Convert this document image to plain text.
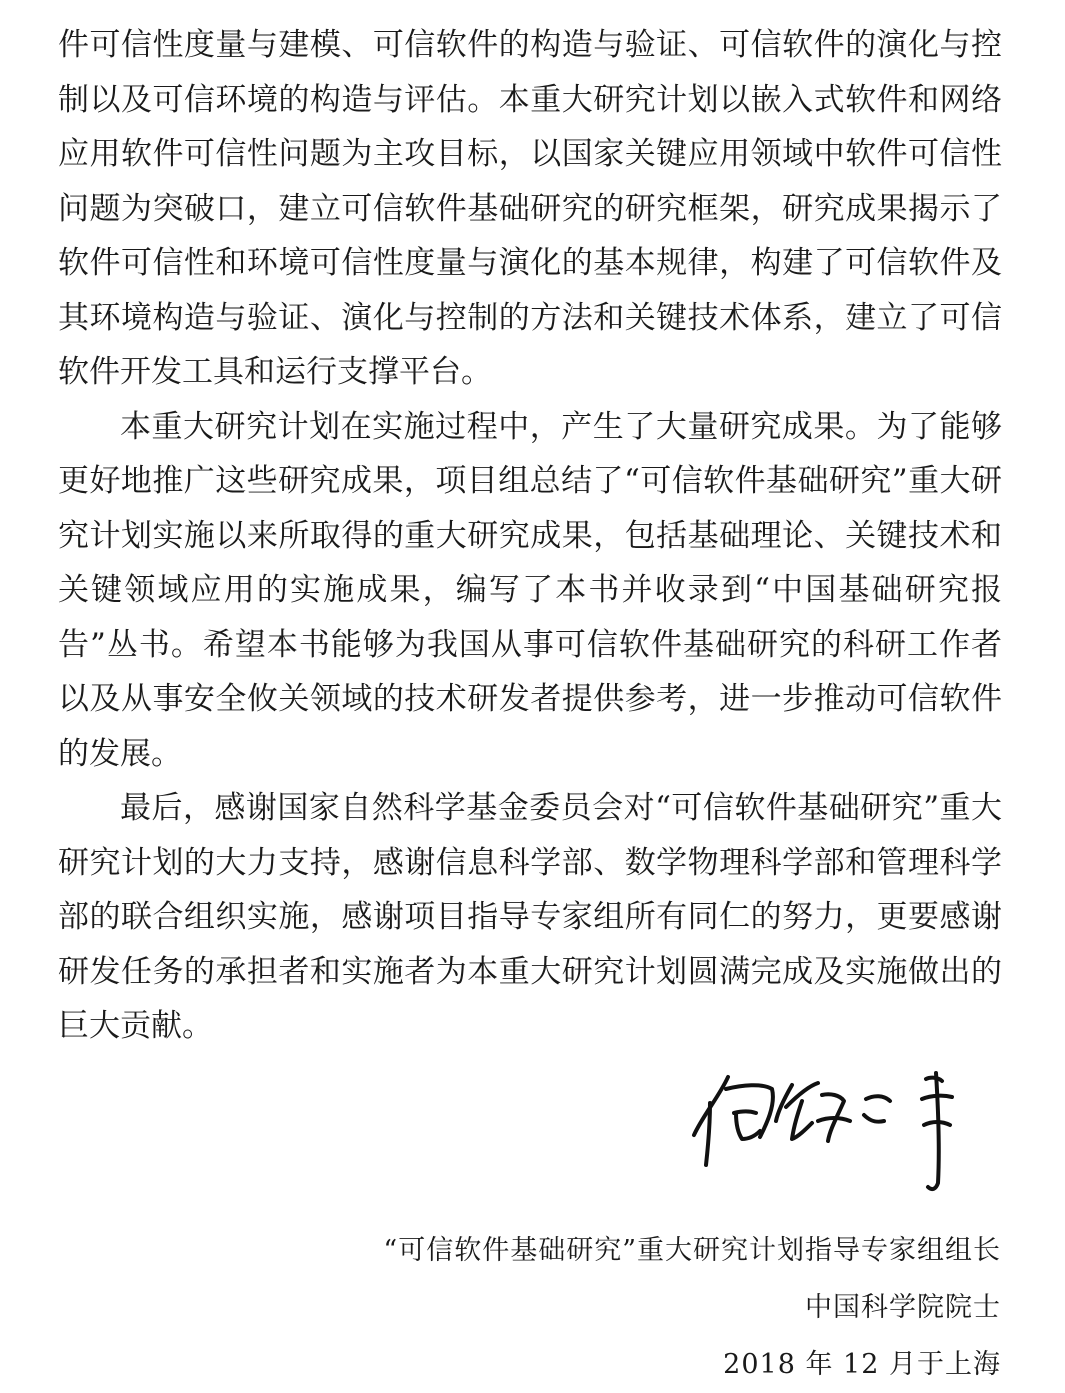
件可信性度量与建模、可信软件的构造与验证、可信软件的演化与控制以及可信环境的构造与评估。本重大研究计划以嵌入式软件和网络应用软件可信性问题为主攻目标，以国家关键应用领域中软件可信性问题为突破口，建立可信软件基础研究的研究框架，研究成果揭示了软件可信性和环境可信性度量与演化的基本规律，构建了可信软件及其环境构造与验证、演化与控制的方法和关键技术体系，建立了可信软件开发工具和运行支撑平台。

本重大研究计划在实施过程中，产生了大量研究成果。为了能够更好地推广这些研究成果，项目组总结了“可信软件基础研究”重大研究计划实施以来所取得的重大研究成果，包括基础理论、关键技术和关键领域应用的实施成果，编写了本书并收录到“中国基础研究报告”丛书。希望本书能够为我国从事可信软件基础研究的科研工作者以及从事安全攸关领域的技术研发者提供参考，进一步推动可信软件的发展。

最后，感谢国家自然科学基金委员会对“可信软件基础研究”重大研究计划的大力支持，感谢信息科学部、数学物理科学部和管理科学部的联合组织实施，感谢项目指导专家组所有同仁的努力，更要感谢研发任务的承担者和实施者为本重大研究计划圆满完成及实施做出的巨大贡献。

“可信软件基础研究”重大研究计划指导专家组组长
中国科学院院士
2018 年 12 月于上海
